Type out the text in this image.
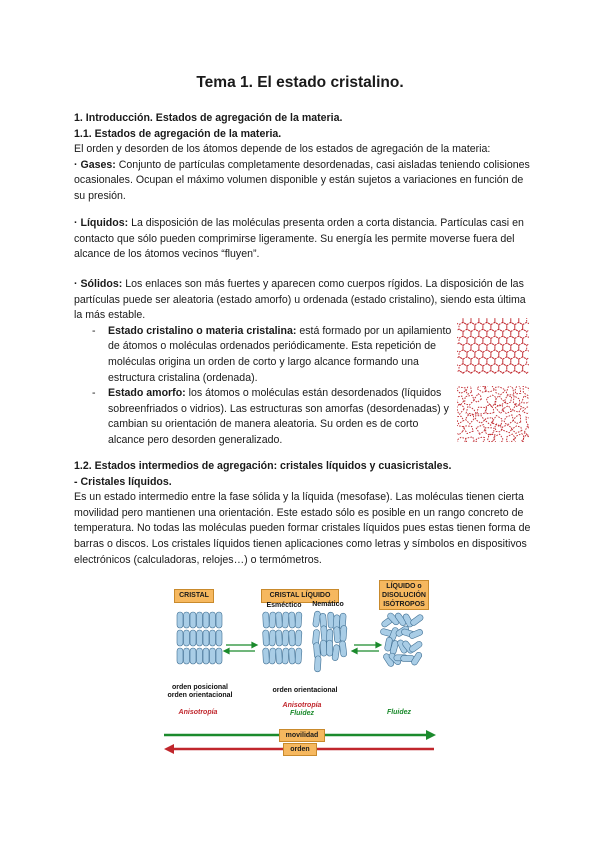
Tema 1. El estado cristalino.

1. Introducción. Estados de agregación de la materia.

1.1. Estados de agregación de la materia.

El orden y desorden de los átomos depende de los estados de agregación de la materia:

· Gases: Conjunto de partículas completamente desordenadas, casi aisladas teniendo colisiones ocasionales. Ocupan el máximo volumen disponible y están sujetos a variaciones en función de su presión.

· Líquidos: La disposición de las moléculas presenta orden a corta distancia. Partículas casi en contacto que sólo pueden comprimirse ligeramente. Su energía les permite moverse fuera del alcance de los átomos vecinos “fluyen”.

· Sólidos: Los enlaces son más fuertes y aparecen como cuerpos rígidos. La disposición de las partículas puede ser aleatoria (estado amorfo) u ordenada (estado cristalino), siendo esta última la más estable.

- Estado cristalino o materia cristalina: está formado por un apilamiento de átomos o moléculas ordenados periódicamente. Esta repetición de moléculas origina un orden de corto y largo alcance formando una estructura cristalina (ordenada).
- Estado amorfo: los átomos o moléculas están desordenados (líquidos sobreenfriados o vidrios). Las estructuras son amorfas (desordenadas) y cambian su orientación de manera aleatoria. Su orden es de corto alcance pero desorden generalizado.

1.2. Estados intermedios de agregación: cristales líquidos y cuasicristales.

- Cristales líquidos.

Es un estado intermedio entre la fase sólida y la líquida (mesofase). Las moléculas tienen cierta movilidad pero mantienen una orientación. Este estado sólo es posible en un rango concreto de temperatura. No todas las moléculas pueden formar cristales líquidos pues estas tienen forma de barras o discos. Los cristales líquidos tienen aplicaciones como letras y símbolos en dispositivos electrónicos (calculadoras, relojes…) o termómetros.

CRISTAL	CRISTAL LÍQUIDO
Esméctico	Nemático
LÍQUIDO o DISOLUCIÓN ISÓTROPOS
orden posicional orden orientacional
orden orientacional
Anisotropía
Anisotropía
Fluidez	Fluidez
movilidad
orden
